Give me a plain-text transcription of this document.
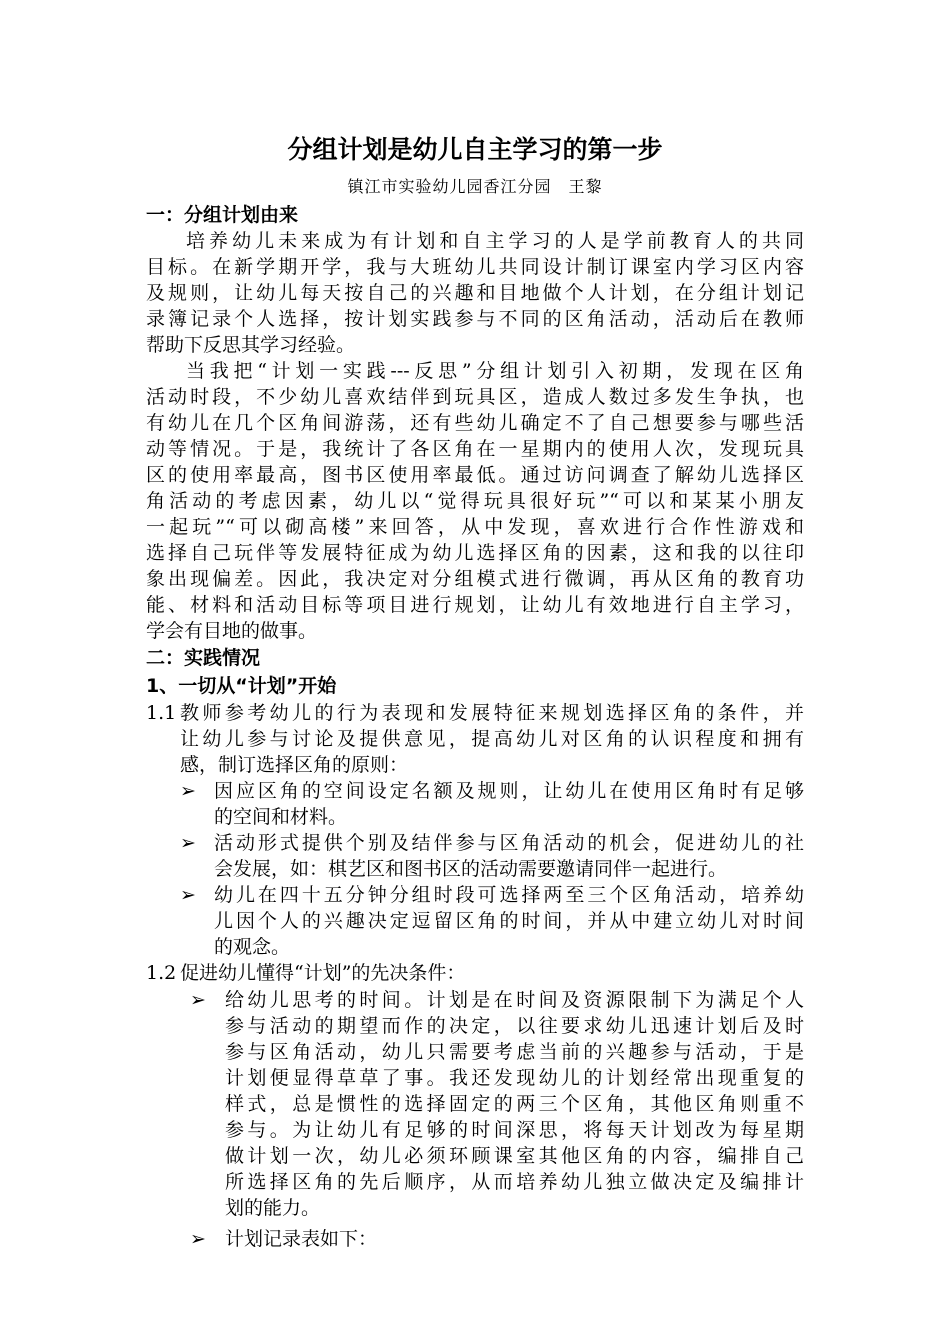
分组计划是幼儿自主学习的第一步
镇江市实验幼儿园香江分园　王黎
一：分组计划由来
培养幼儿未来成为有计划和自主学习的人是学前教育人的共同
目标。在新学期开学，我与大班幼儿共同设计制订课室内学习区内容
及规则，让幼儿每天按自己的兴趣和目地做个人计划，在分组计划记
录簿记录个人选择，按计划实践参与不同的区角活动，活动后在教师
帮助下反思其学习经验。
当我把“计划一实践---反思”分组计划引入初期，发现在区角
活动时段，不少幼儿喜欢结伴到玩具区，造成人数过多发生争执，也
有幼儿在几个区角间游荡，还有些幼儿确定不了自己想要参与哪些活
动等情况。于是，我统计了各区角在一星期内的使用人次，发现玩具
区的使用率最高，图书区使用率最低。通过访问调查了解幼儿选择区
角活动的考虑因素，幼儿以“觉得玩具很好玩”“可以和某某小朋友
一起玩”“可以砌高楼”来回答，从中发现，喜欢进行合作性游戏和
选择自己玩伴等发展特征成为幼儿选择区角的因素，这和我的以往印
象出现偏差。因此，我决定对分组模式进行微调，再从区角的教育功
能、材料和活动目标等项目进行规划，让幼儿有效地进行自主学习，
学会有目地的做事。
二：实践情况
1、一切从“计划”开始
1.1 教师参考幼儿的行为表现和发展特征来规划选择区角的条件，并
让幼儿参与讨论及提供意见，提高幼儿对区角的认识程度和拥有
感，制订选择区角的原则：
➢ 因应区角的空间设定名额及规则，让幼儿在使用区角时有足够
的空间和材料。
➢ 活动形式提供个别及结伴参与区角活动的机会，促进幼儿的社
会发展，如：棋艺区和图书区的活动需要邀请同伴一起进行。
➢ 幼儿在四十五分钟分组时段可选择两至三个区角活动，培养幼
儿因个人的兴趣决定逗留区角的时间，并从中建立幼儿对时间
的观念。
1.2 促进幼儿懂得“计划”的先决条件：
➢ 给幼儿思考的时间。计划是在时间及资源限制下为满足个人
参与活动的期望而作的决定，以往要求幼儿迅速计划后及时
参与区角活动，幼儿只需要考虑当前的兴趣参与活动，于是
计划便显得草草了事。我还发现幼儿的计划经常出现重复的
样式，总是惯性的选择固定的两三个区角，其他区角则重不
参与。为让幼儿有足够的时间深思，将每天计划改为每星期
做计划一次，幼儿必须环顾课室其他区角的内容，编排自己
所选择区角的先后顺序，从而培养幼儿独立做决定及编排计
划的能力。
➢ 计划记录表如下：
